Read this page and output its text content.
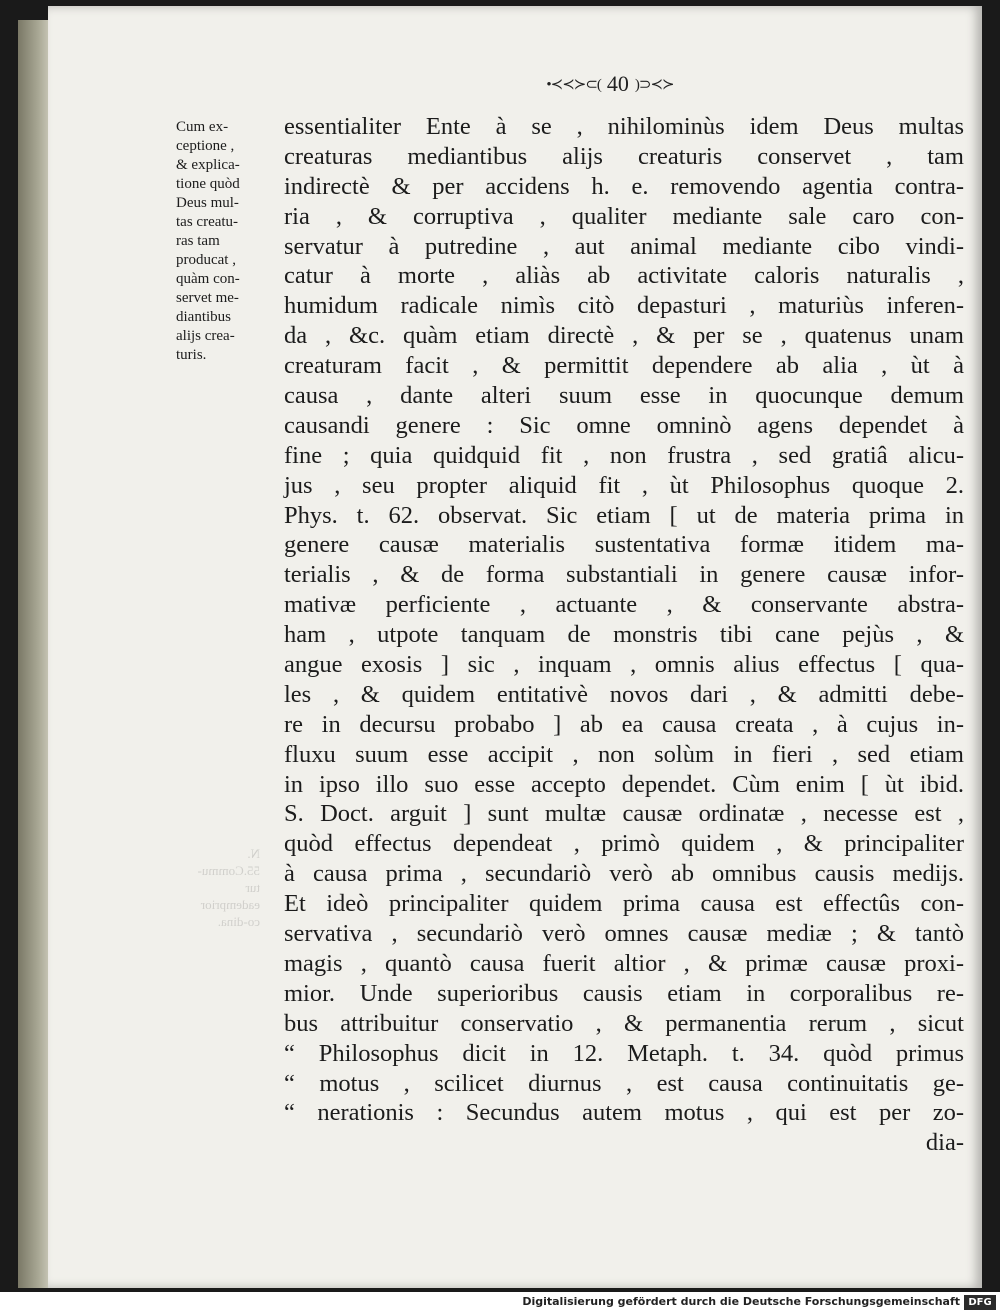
•≺≺≻⊂( 40 )⊃≺≻
Cum ex-
ceptione ,
& explica-
tione quòd
Deus mul-
tas creatu-
ras tam
producat ,
quàm con-
servet me-
diantibus
alijs crea-
turis.
N. 55.Commu-tur eademprior co-dina.
essentialiter Ente à se , nihilominùs idem Deus multas
creaturas mediantibus alijs creaturis conservet , tam
indirectè & per accidens h. e. removendo agentia contra-
ria , & corruptiva , qualiter mediante sale caro con-
servatur à putredine , aut animal mediante cibo vindi-
catur à morte , aliàs ab activitate caloris naturalis ,
humidum radicale nimìs citò depasturi , maturiùs inferen-
da , &c. quàm etiam directè , & per se , quatenus unam
creaturam facit , & permittit dependere ab alia , ùt à
causa , dante alteri suum esse in quocunque demum
causandi genere : Sic omne omninò agens dependet à
fine ; quia quidquid fit , non frustra , sed gratiâ alicu-
jus , seu propter aliquid fit , ùt Philosophus quoque 2.
Phys. t. 62. observat. Sic etiam [ ut de materia prima in
genere causæ materialis sustentativa formæ itidem ma-
terialis , & de forma substantiali in genere causæ infor-
mativæ perficiente , actuante , & conservante abstra-
ham , utpote tanquam de monstris tibi cane pejùs , &
angue exosis ] sic , inquam , omnis alius effectus [ qua-
les , & quidem entitativè novos dari , & admitti debe-
re in decursu probabo ] ab ea causa creata , à cujus in-
fluxu suum esse accipit , non solùm in fieri , sed etiam
in ipso illo suo esse accepto dependet. Cùm enim [ ùt ibid.
S. Doct. arguit ] sunt multæ causæ ordinatæ , necesse est ,
quòd effectus dependeat , primò quidem , & principaliter
à causa prima , secundariò verò ab omnibus causis medijs.
Et ideò principaliter quidem prima causa est effectûs con-
servativa , secundariò verò omnes causæ mediæ ; & tantò
magis , quantò causa fuerit altior , & primæ causæ proxi-
mior. Unde superioribus causis etiam in corporalibus re-
bus attribuitur conservatio , & permanentia rerum , sicut
“ Philosophus dicit in 12. Metaph. t. 34. quòd primus
“ motus , scilicet diurnus , est causa continuitatis ge-
“ nerationis : Secundus autem motus , qui est per zo-
dia-
Digitalisierung gefördert durch die Deutsche Forschungsgemeinschaft DFG
